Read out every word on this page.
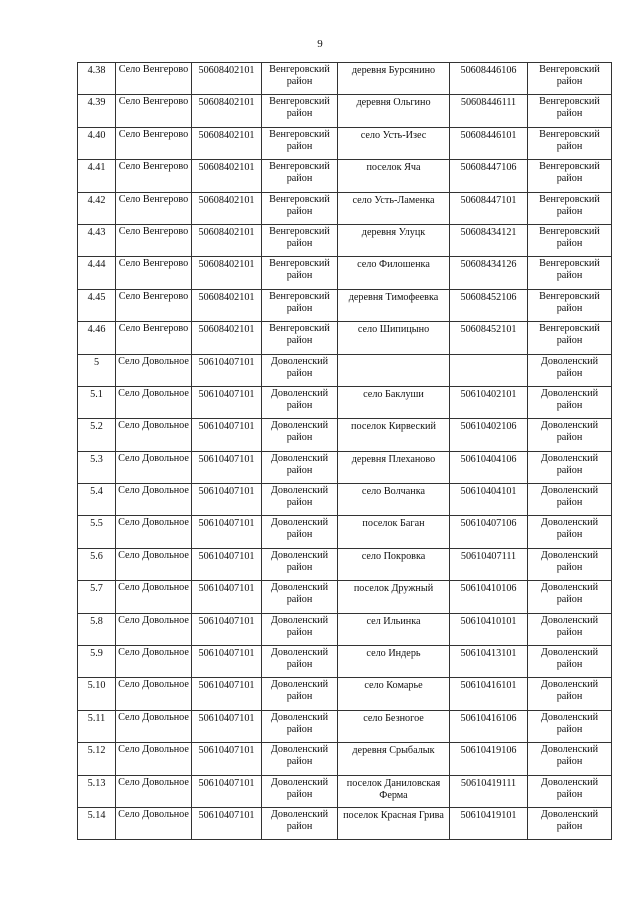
9
4.38	Село Венгерово	50608402101	Венгеровский район	деревня Бурсянино	50608446106	Венгеровский район
4.39	Село Венгерово	50608402101	Венгеровский район	деревня Ольгино	50608446111	Венгеровский район
4.40	Село Венгерово	50608402101	Венгеровский район	село Усть-Изес	50608446101	Венгеровский район
4.41	Село Венгерово	50608402101	Венгеровский район	поселок Яча	50608447106	Венгеровский район
4.42	Село Венгерово	50608402101	Венгеровский район	село Усть-Ламенка	50608447101	Венгеровский район
4.43	Село Венгерово	50608402101	Венгеровский район	деревня Улуцк	50608434121	Венгеровский район
4.44	Село Венгерово	50608402101	Венгеровский район	село Филошенка	50608434126	Венгеровский район
4.45	Село Венгерово	50608402101	Венгеровский район	деревня Тимофеевка	50608452106	Венгеровский район
4.46	Село Венгерово	50608402101	Венгеровский район	село Шипицыно	50608452101	Венгеровский район
5	Село Довольное	50610407101	Доволенский район			Доволенский район
5.1	Село Довольное	50610407101	Доволенский район	село Баклуши	50610402101	Доволенский район
5.2	Село Довольное	50610407101	Доволенский район	поселок Кирвеский	50610402106	Доволенский район
5.3	Село Довольное	50610407101	Доволенский район	деревня Плеханово	50610404106	Доволенский район
5.4	Село Довольное	50610407101	Доволенский район	село Волчанка	50610404101	Доволенский район
5.5	Село Довольное	50610407101	Доволенский район	поселок Баган	50610407106	Доволенский район
5.6	Село Довольное	50610407101	Доволенский район	село Покровка	50610407111	Доволенский район
5.7	Село Довольное	50610407101	Доволенский район	поселок Дружный	50610410106	Доволенский район
5.8	Село Довольное	50610407101	Доволенский район	сел Ильинка	50610410101	Доволенский район
5.9	Село Довольное	50610407101	Доволенский район	село Индерь	50610413101	Доволенский район
5.10	Село Довольное	50610407101	Доволенский район	село Комарье	50610416101	Доволенский район
5.11	Село Довольное	50610407101	Доволенский район	село Безногое	50610416106	Доволенский район
5.12	Село Довольное	50610407101	Доволенский район	деревня Срыбалык	50610419106	Доволенский район
5.13	Село Довольное	50610407101	Доволенский район	поселок Даниловская Ферма	50610419111	Доволенский район
5.14	Село Довольное	50610407101	Доволенский район	поселок Красная Грива	50610419101	Доволенский район
